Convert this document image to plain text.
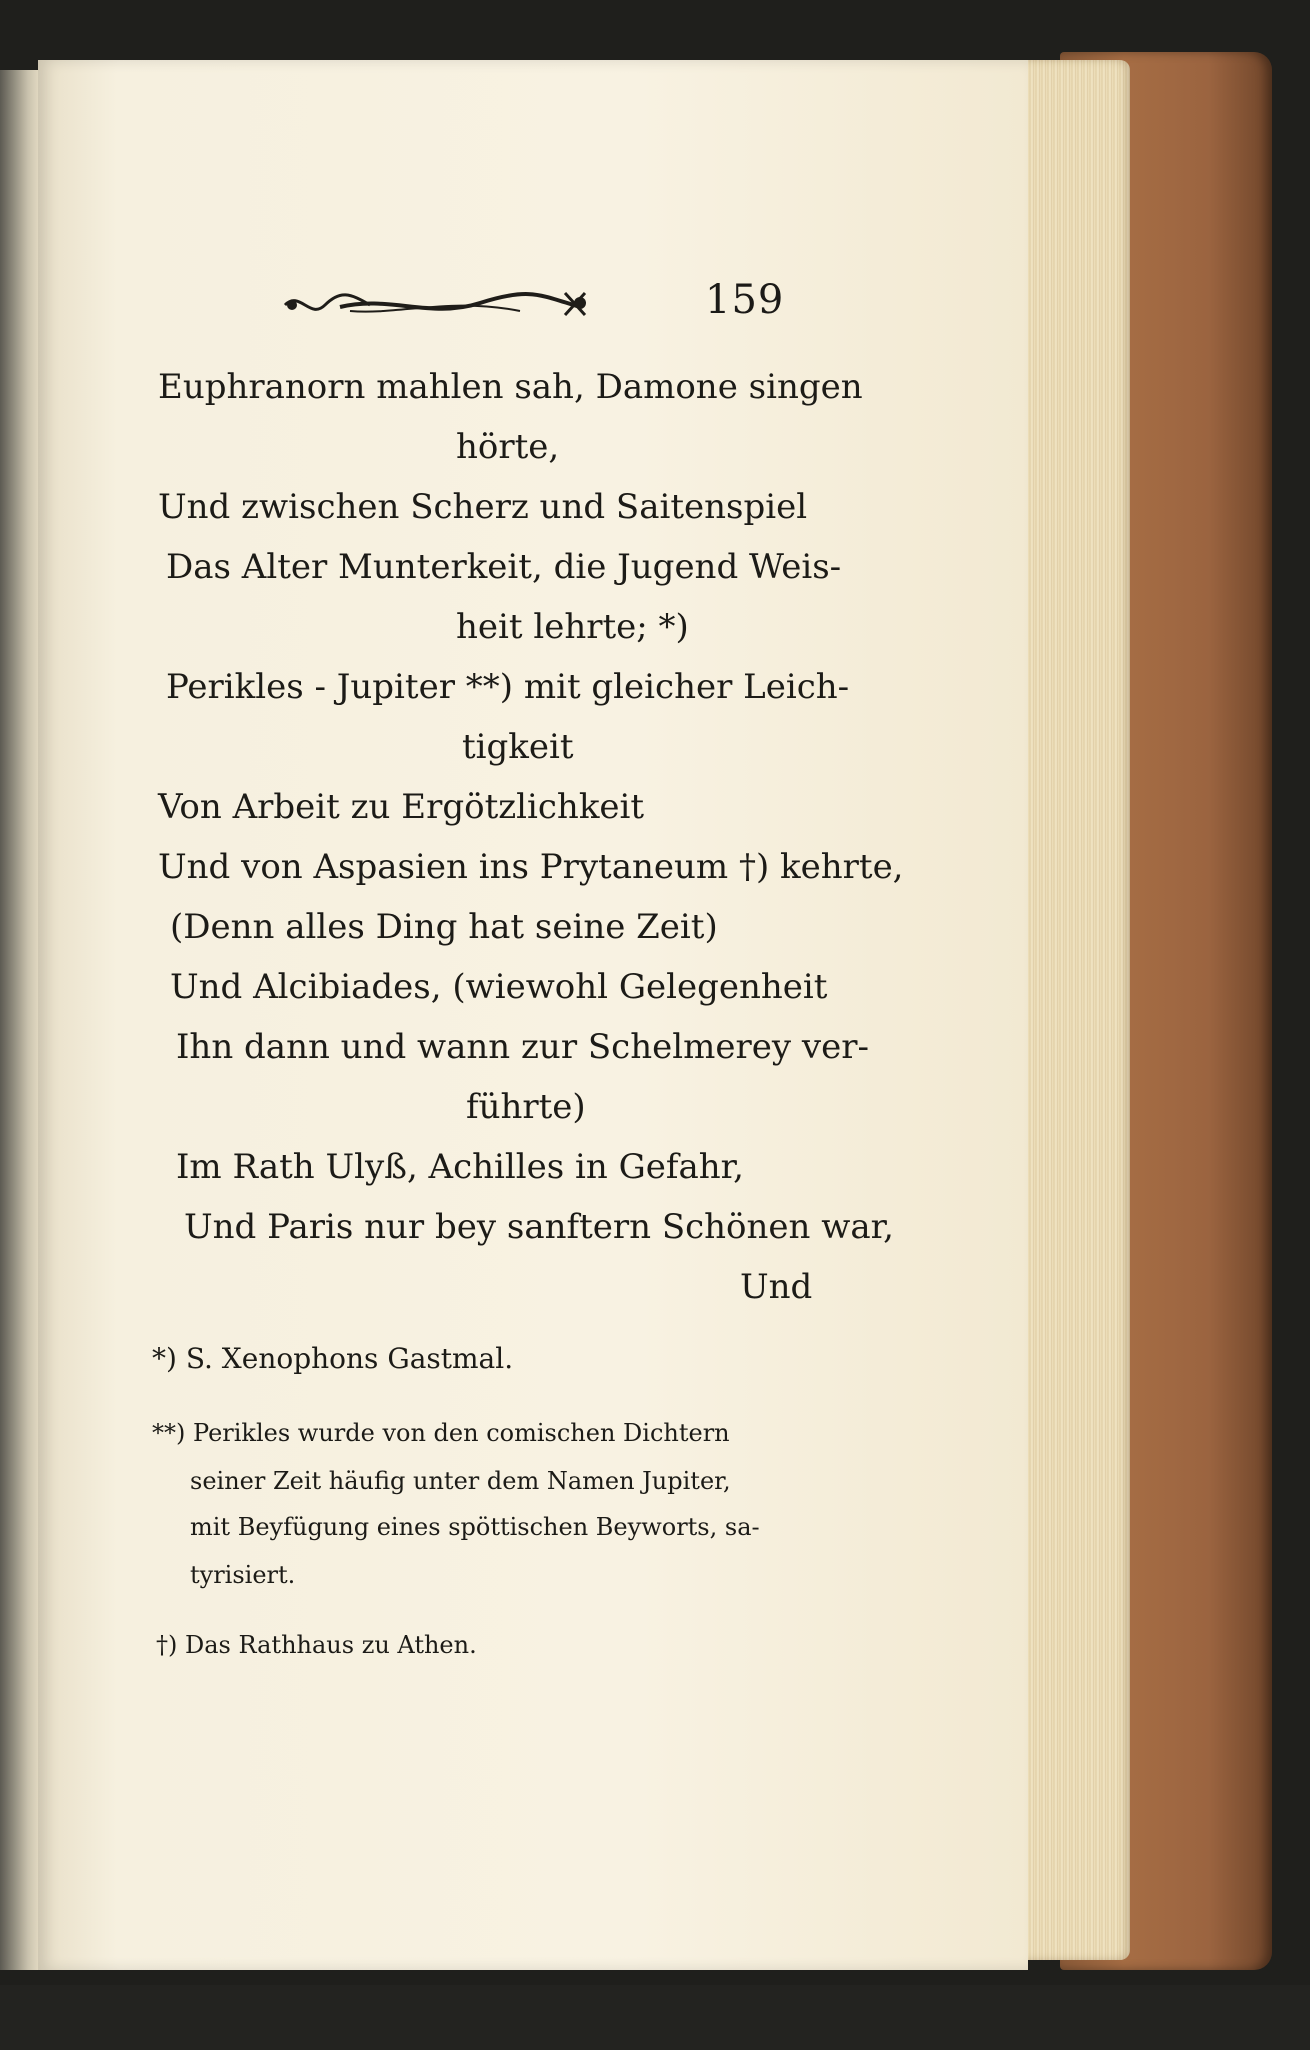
159
Euphranorn mahlen sah, Damone singen
hörte,
Und zwischen Scherz und Saitenspiel
Das Alter Munterkeit, die Jugend Weis-
heit lehrte; *)
Perikles - Jupiter **) mit gleicher Leich-
tigkeit
Von Arbeit zu Ergötzlichkeit
Und von Aspasien ins Prytaneum †) kehrte,
(Denn alles Ding hat seine Zeit)
Und Alcibiades, (wiewohl Gelegenheit
Ihn dann und wann zur Schelmerey ver-
führte)
Im Rath Ulyß, Achilles in Gefahr,
Und Paris nur bey sanftern Schönen war,
Und
*) S. Xenophons Gastmal.
**) Perikles wurde von den comischen Dichtern
seiner Zeit häufig unter dem Namen Jupiter,
mit Beyfügung eines spöttischen Beyworts, sa-
tyrisiert.
†) Das Rathhaus zu Athen.
